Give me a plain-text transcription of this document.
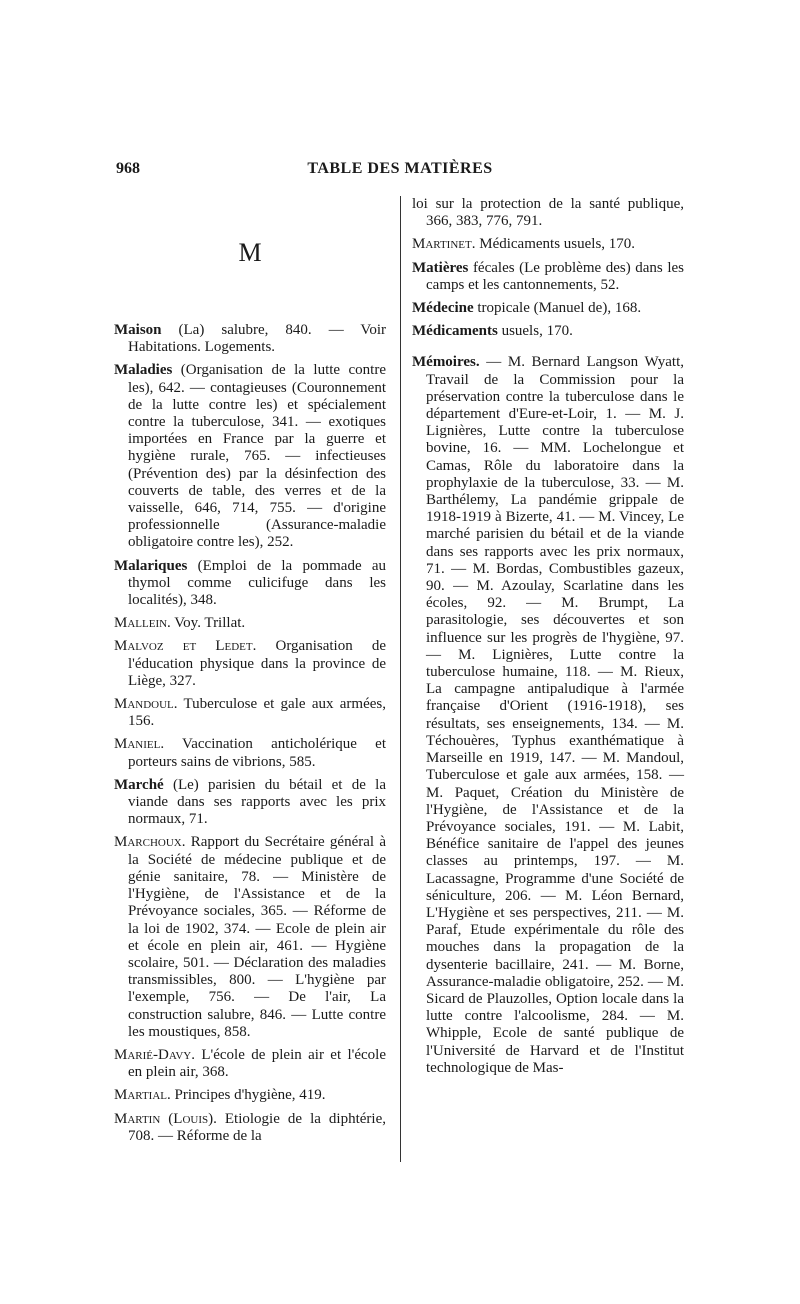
968	TABLE DES MATIÈRES
M

Maison (La) salubre, 840. — Voir Habitations. Logements.

Maladies (Organisation de la lutte contre les), 642. — contagieuses (Couronnement de la lutte contre les) et spécialement contre la tuberculose, 341. — exotiques importées en France par la guerre et hygiène rurale, 765. — infectieuses (Prévention des) par la désinfection des couverts de table, des verres et de la vaisselle, 646, 714, 755. — d'origine professionnelle (Assurance-maladie obligatoire contre les), 252.

Malariques (Emploi de la pommade au thymol comme culicifuge dans les localités), 348.

Mallein. Voy. Trillat.

Malvoz et Ledet. Organisation de l'éducation physique dans la province de Liège, 327.

Mandoul. Tuberculose et gale aux armées, 156.

Maniel. Vaccination anticholérique et porteurs sains de vibrions, 585.

Marché (Le) parisien du bétail et de la viande dans ses rapports avec les prix normaux, 71.

Marchoux. Rapport du Secrétaire général à la Société de médecine publique et de génie sanitaire, 78. — Ministère de l'Hygiène, de l'Assistance et de la Prévoyance sociales, 365. — Réforme de la loi de 1902, 374. — Ecole de plein air et école en plein air, 461. — Hygiène scolaire, 501. — Déclaration des maladies transmissibles, 800. — L'hygiène par l'exemple, 756. — De l'air, La construction salubre, 846. — Lutte contre les moustiques, 858.

Marié-Davy. L'école de plein air et l'école en plein air, 368.

Martial. Principes d'hygiène, 419.

Martin (Louis). Etiologie de la diphtérie, 708. — Réforme de la

loi sur la protection de la santé publique, 366, 383, 776, 791.

Martinet. Médicaments usuels, 170.

Matières fécales (Le problème des) dans les camps et les cantonnements, 52.

Médecine tropicale (Manuel de), 168.

Médicaments usuels, 170.

Mémoires. — M. Bernard Langson Wyatt, Travail de la Commission pour la préservation contre la tuberculose dans le département d'Eure-et-Loir, 1. — M. J. Lignières, Lutte contre la tuberculose bovine, 16. — MM. Lochelongue et Camas, Rôle du laboratoire dans la prophylaxie de la tuberculose, 33. — M. Barthélemy, La pandémie grippale de 1918-1919 à Bizerte, 41. — M. Vincey, Le marché parisien du bétail et de la viande dans ses rapports avec les prix normaux, 71. — M. Bordas, Combustibles gazeux, 90. — M. Azoulay, Scarlatine dans les écoles, 92. — M. Brumpt, La parasitologie, ses découvertes et son influence sur les progrès de l'hygiène, 97. — M. Lignières, Lutte contre la tuberculose humaine, 118. — M. Rieux, La campagne antipaludique à l'armée française d'Orient (1916-1918), ses résultats, ses enseignements, 134. — M. Téchouères, Typhus exanthématique à Marseille en 1919, 147. — M. Mandoul, Tuberculose et gale aux armées, 158. — M. Paquet, Création du Ministère de l'Hygiène, de l'Assistance et de la Prévoyance sociales, 191. — M. Labit, Bénéfice sanitaire de l'appel des jeunes classes au printemps, 197. — M. Lacassagne, Programme d'une Société de séniculture, 206. — M. Léon Bernard, L'Hygiène et ses perspectives, 211. — M. Paraf, Etude expérimentale du rôle des mouches dans la propagation de la dysenterie bacillaire, 241. — M. Borne, Assurance-maladie obligatoire, 252. — M. Sicard de Plauzolles, Option locale dans la lutte contre l'alcoolisme, 284. — M. Whipple, Ecole de santé publique de l'Université de Harvard et de l'Institut technologique de Mas-
